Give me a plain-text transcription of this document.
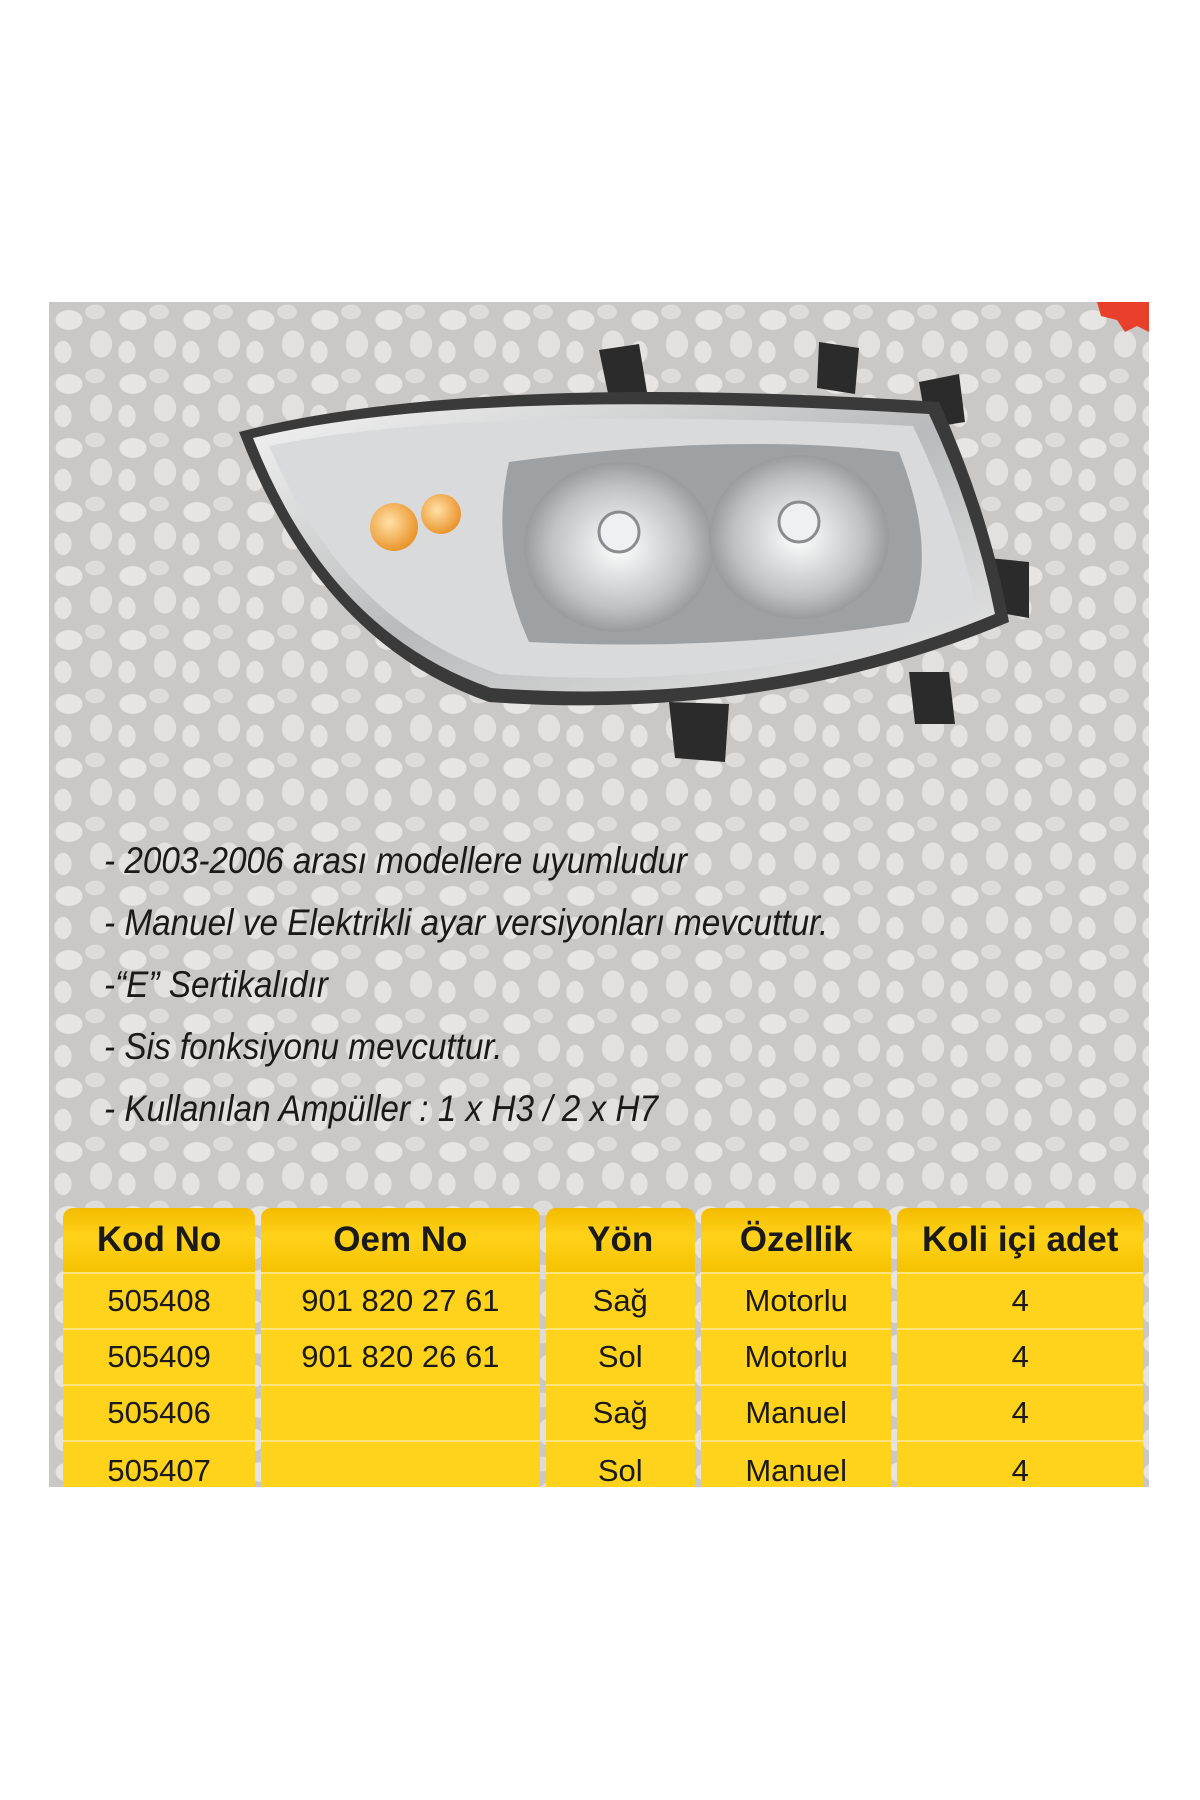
- 2003-2006 arası modellere uyumludur
- Manuel ve Elektrikli ayar versiyonları mevcuttur.
-“E” Sertikalıdır
- Sis fonksiyonu mevcuttur.
- Kullanılan Ampüller : 1 x H3 / 2 x H7
Kod No	Oem No	Yön	Özellik	Koli içi adet
505408	901 820 27 61	Sağ	Motorlu	4
505409	901 820 26 61	Sol	Motorlu	4
505406		Sağ	Manuel	4
505407		Sol	Manuel	4
